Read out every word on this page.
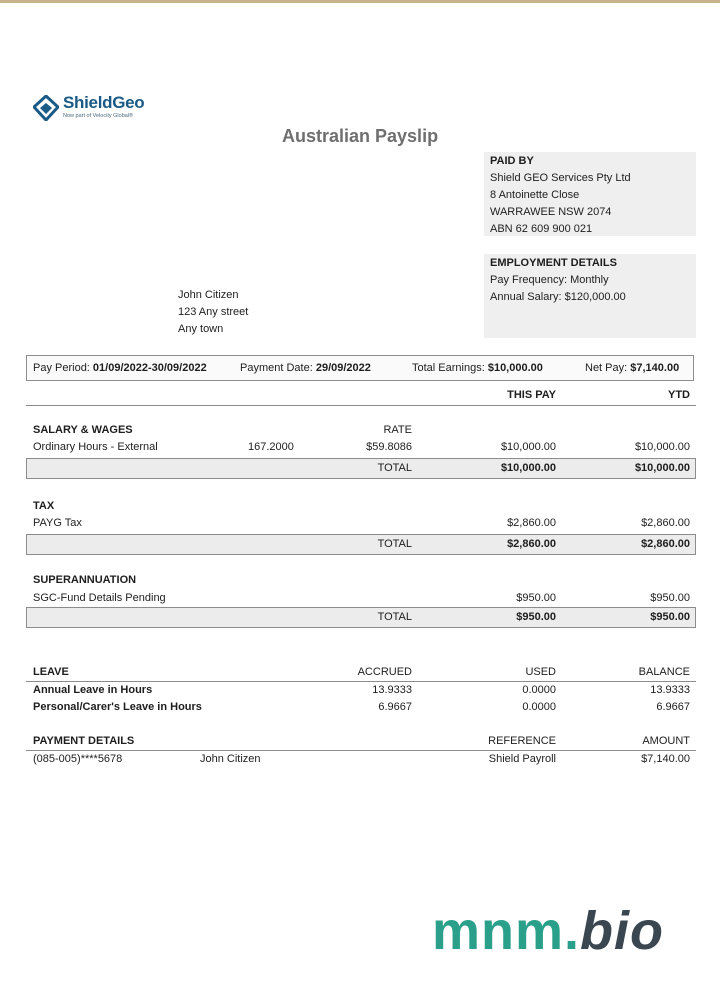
ShieldGeo
Now part of Velocity Global®
Australian Payslip
PAID BY
Shield GEO Services Pty Ltd
8 Antoinette Close
WARRAWEE NSW 2074
ABN 62 609 900 021
EMPLOYMENT DETAILS
Pay Frequency: Monthly
Annual Salary: $120,000.00
John Citizen
123 Any street
Any town
Pay Period: 01/09/2022-30/09/2022	Payment Date: 29/09/2022	Total Earnings: $10,000.00	Net Pay: $7,140.00
THIS PAY	YTD
SALARY & WAGES	RATE
Ordinary Hours - External	167.2000	$59.8086	$10,000.00	$10,000.00
TOTAL	$10,000.00	$10,000.00
TAX
PAYG Tax	$2,860.00	$2,860.00
TOTAL	$2,860.00	$2,860.00
SUPERANNUATION
SGC-Fund Details Pending	$950.00	$950.00
TOTAL	$950.00	$950.00
LEAVE	ACCRUED	USED	BALANCE
Annual Leave in Hours	13.9333	0.0000	13.9333
Personal/Carer's Leave in Hours	6.9667	0.0000	6.9667
PAYMENT DETAILS	REFERENCE	AMOUNT
(085-005)****5678	John Citizen	Shield Payroll	$7,140.00
mnm.bio
